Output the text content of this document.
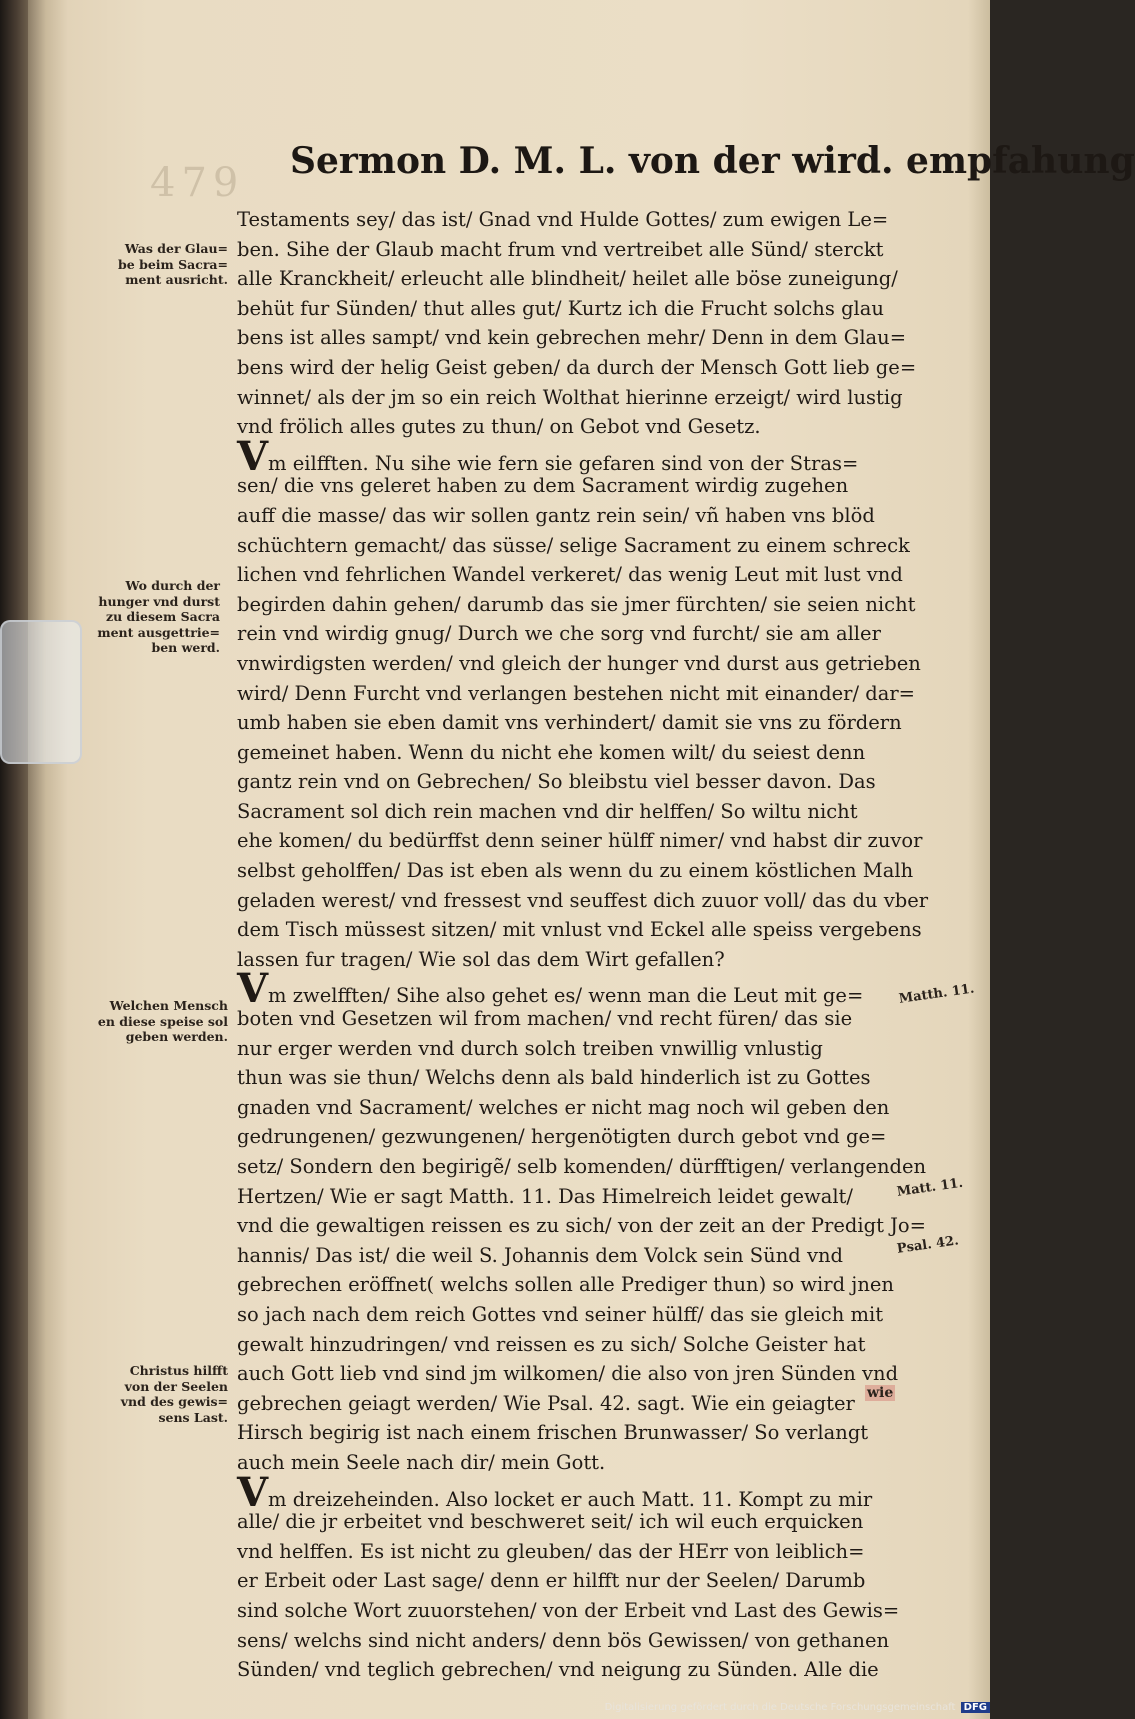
479 Sermon D. M. L. von der wird. empfahung
Testaments sey/ das ist/ Gnad vnd Hulde Gottes/ zum ewigen Le=
ben. Sihe der Glaub macht frum vnd vertreibet alle Sünd/ sterckt
alle Kranckheit/ erleucht alle blindheit/ heilet alle böse zuneigung/
behüt fur Sünden/ thut alles gut/ Kurtz ich die Frucht solchs glau
bens ist alles sampt/ vnd kein gebrechen mehr/ Denn in dem Glau=
bens wird der helig Geist geben/ da durch der Mensch Gott lieb ge=
winnet/ als der jm so ein reich Wolthat hierinne erzeigt/ wird lustig
vnd frölich alles gutes zu thun/ on Gebot vnd Gesetz.
Vm eilfften. Nu sihe wie fern sie gefaren sind von der Stras=
sen/ die vns geleret haben zu dem Sacrament wirdig zugehen
auff die masse/ das wir sollen gantz rein sein/ vñ haben vns blöd
schüchtern gemacht/ das süsse/ selige Sacrament zu einem schreck
lichen vnd fehrlichen Wandel verkeret/ das wenig Leut mit lust vnd
begirden dahin gehen/ darumb das sie jmer fürchten/ sie seien nicht
rein vnd wirdig gnug/ Durch we che sorg vnd furcht/ sie am aller
vnwirdigsten werden/ vnd gleich der hunger vnd durst aus getrieben
wird/ Denn Furcht vnd verlangen bestehen nicht mit einander/ dar=
umb haben sie eben damit vns verhindert/ damit sie vns zu fördern
gemeinet haben. Wenn du nicht ehe komen wilt/ du seiest denn
gantz rein vnd on Gebrechen/ So bleibstu viel besser davon. Das
Sacrament sol dich rein machen vnd dir helffen/ So wiltu nicht
ehe komen/ du bedürffst denn seiner hülff nimer/ vnd habst dir zuvor
selbst geholffen/ Das ist eben als wenn du zu einem köstlichen Malh
geladen werest/ vnd fressest vnd seuffest dich zuuor voll/ das du vber
dem Tisch müssest sitzen/ mit vnlust vnd Eckel alle speiss vergebens
lassen fur tragen/ Wie sol das dem Wirt gefallen?
Vm zwelfften/ Sihe also gehet es/ wenn man die Leut mit ge=
boten vnd Gesetzen wil from machen/ vnd recht füren/ das sie
nur erger werden vnd durch solch treiben vnwillig vnlustig
thun was sie thun/ Welchs denn als bald hinderlich ist zu Gottes
gnaden vnd Sacrament/ welches er nicht mag noch wil geben den
gedrungenen/ gezwungenen/ hergenötigten durch gebot vnd ge=
setz/ Sondern den begirigẽ/ selb komenden/ dürfftigen/ verlangenden
Hertzen/ Wie er sagt Matth. 11. Das Himelreich leidet gewalt/
vnd die gewaltigen reissen es zu sich/ von der zeit an der Predigt Jo=
hannis/ Das ist/ die weil S. Johannis dem Volck sein Sünd vnd
gebrechen eröffnet( welchs sollen alle Prediger thun) so wird jnen
so jach nach dem reich Gottes vnd seiner hülff/ das sie gleich mit
gewalt hinzudringen/ vnd reissen es zu sich/ Solche Geister hat
auch Gott lieb vnd sind jm wilkomen/ die also von jren Sünden vnd
gebrechen geiagt werden/ Wie Psal. 42. sagt. Wie ein geiagter
Hirsch begirig ist nach einem frischen Brunwasser/ So verlangt
auch mein Seele nach dir/ mein Gott.
Vm dreizeheinden. Also locket er auch Matt. 11. Kompt zu mir
alle/ die jr erbeitet vnd beschweret seit/ ich wil euch erquicken
vnd helffen. Es ist nicht zu gleuben/ das der HErr von leiblich=
er Erbeit oder Last sage/ denn er hilfft nur der Seelen/ Darumb
sind solche Wort zuuorstehen/ von der Erbeit vnd Last des Gewis=
sens/ welchs sind nicht anders/ denn bös Gewissen/ von gethanen
Sünden/ vnd teglich gebrechen/ vnd neigung zu Sünden. Alle die
Was der Glau=
be beim Sacra=
ment ausricht.
Wo durch der
hunger vnd durst
zu diesem Sacra
ment ausgettrie=
ben werd.
Welchen Mensch
en diese speise sol
geben werden.
Christus hilfft
von der Seelen
vnd des gewis=
sens Last.
Matth. 11.
Matt. 11.
Psal. 42.
wie
Digitalisierung gefördert durch die Deutsche Forschungsgemeinschaft DFG
